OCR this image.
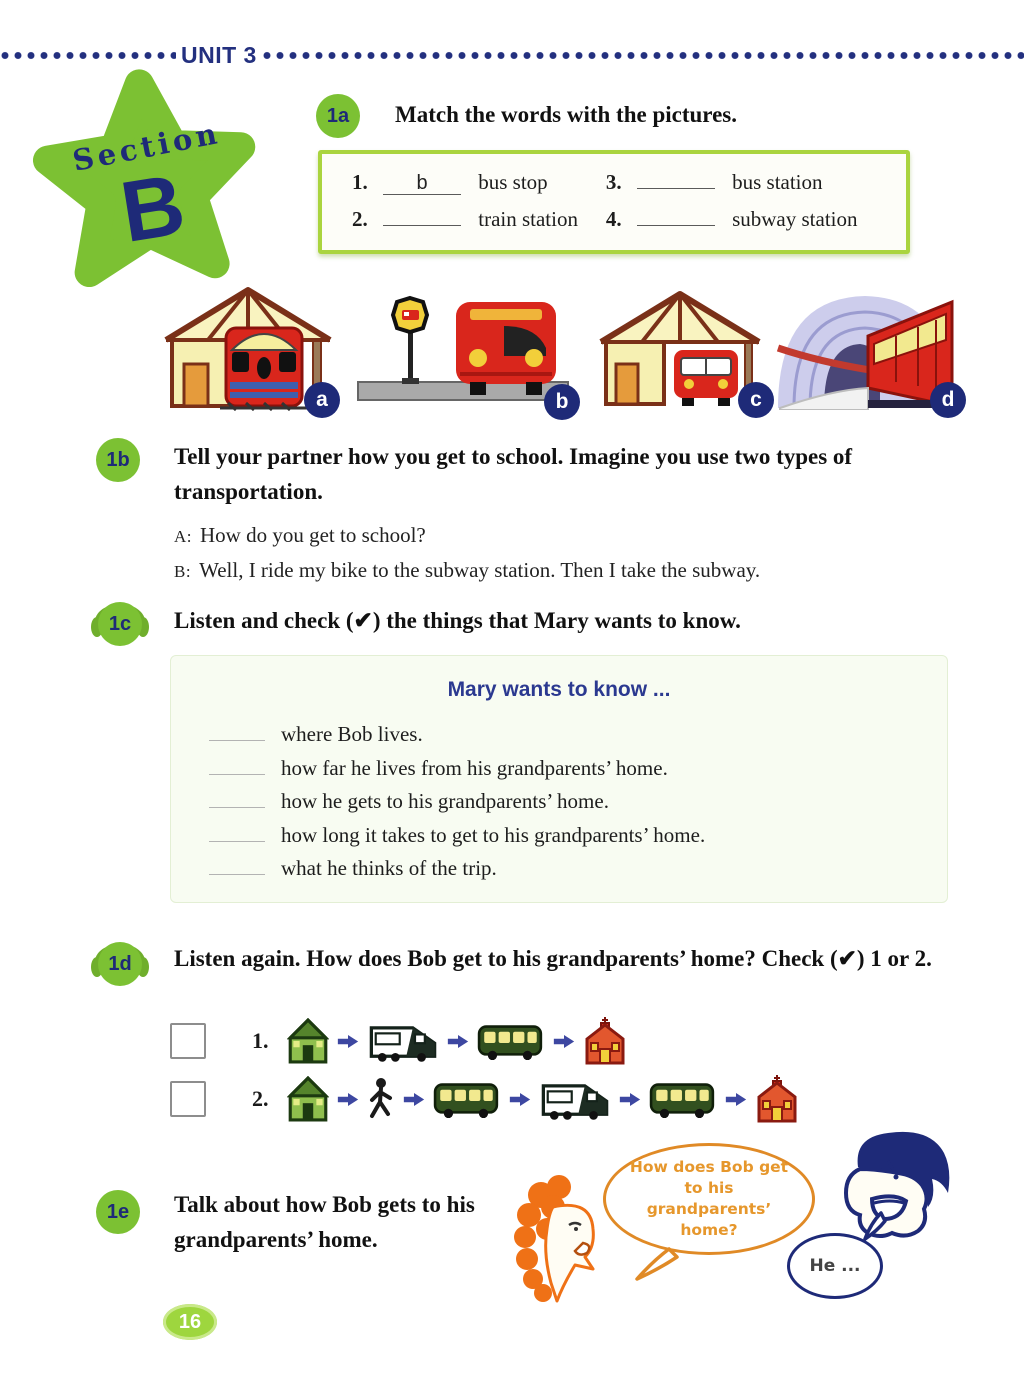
UNIT 3
Section
B
1a	Match the words with the pictures.
1. b bus stop
2.	train station
3.	bus station
4.	subway station
a	b	c	d
1b	Tell your partner how you get to school. Imagine you use two types of transportation.
A: How do you get to school?
B: Well, I ride my bike to the subway station. Then I take the subway.
1c	Listen and check (✔) the things that Mary wants to know.
Mary wants to know ...
where Bob lives.
how far he lives from his grandparents’ home.
how he gets to his grandparents’ home.
how long it takes to get to his grandparents’ home.
what he thinks of the trip.
1d	Listen again. How does Bob get to his grandparents’ home? Check (✔) 1 or 2.
1.
2.
1e	Talk about how Bob gets to his grandparents’ home.
How does Bob get to his grandparents’ home?
He ...
16
